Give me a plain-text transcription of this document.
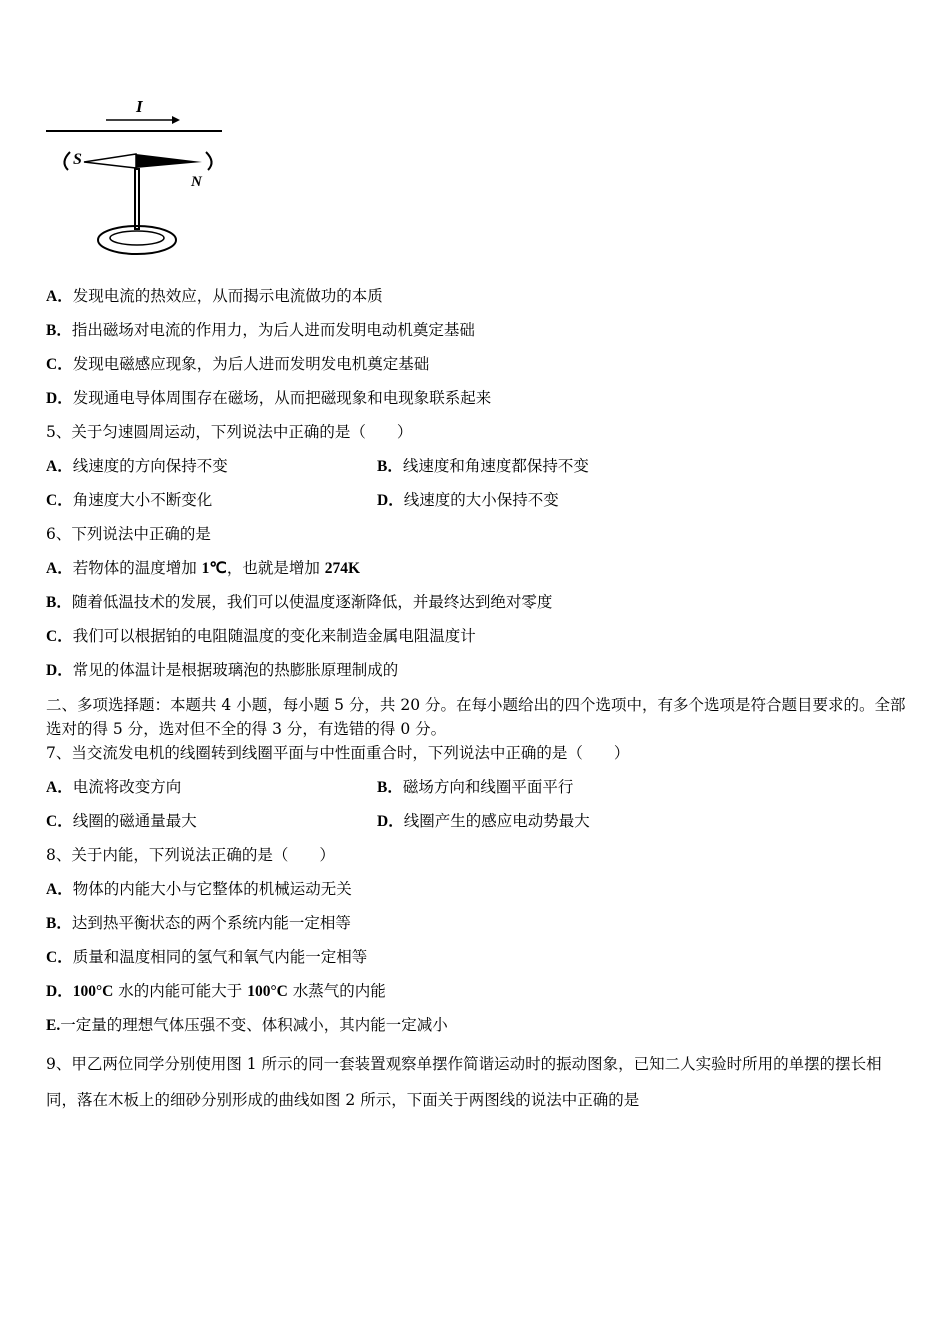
I
S
N
A．发现电流的热效应，从而揭示电流做功的本质
B．指出磁场对电流的作用力，为后人进而发明电动机奠定基础
C．发现电磁感应现象，为后人进而发明发电机奠定基础
D．发现通电导体周围存在磁场，从而把磁现象和电现象联系起来
5、关于匀速圆周运动，下列说法中正确的是（　　）
A．线速度的方向保持不变	B．线速度和角速度都保持不变
C．角速度大小不断变化	D．线速度的大小保持不变
6、下列说法中正确的是
A．若物体的温度增加 1℃，也就是增加 274K
B．随着低温技术的发展，我们可以使温度逐渐降低，并最终达到绝对零度
C．我们可以根据铂的电阻随温度的变化来制造金属电阻温度计
D．常见的体温计是根据玻璃泡的热膨胀原理制成的
二、多项选择题：本题共 4 小题，每小题 5 分，共 20 分。在每小题给出的四个选项中，有多个选项是符合题目要求的。全部选对的得 5 分，选对但不全的得 3 分，有选错的得 0 分。
7、当交流发电机的线圈转到线圈平面与中性面重合时，下列说法中正确的是（　　）
A．电流将改变方向	B．磁场方向和线圈平面平行
C．线圈的磁通量最大	D．线圈产生的感应电动势最大
8、关于内能，下列说法正确的是（　　）
A．物体的内能大小与它整体的机械运动无关
B．达到热平衡状态的两个系统内能一定相等
C．质量和温度相同的氢气和氧气内能一定相等
D．100°C 水的内能可能大于 100°C 水蒸气的内能
E.一定量的理想气体压强不变、体积减小，其内能一定减小
9、甲乙两位同学分别使用图 1 所示的同一套装置观察单摆作简谐运动时的振动图象，已知二人实验时所用的单摆的摆长相同，落在木板上的细砂分别形成的曲线如图 2 所示，下面关于两图线的说法中正确的是
